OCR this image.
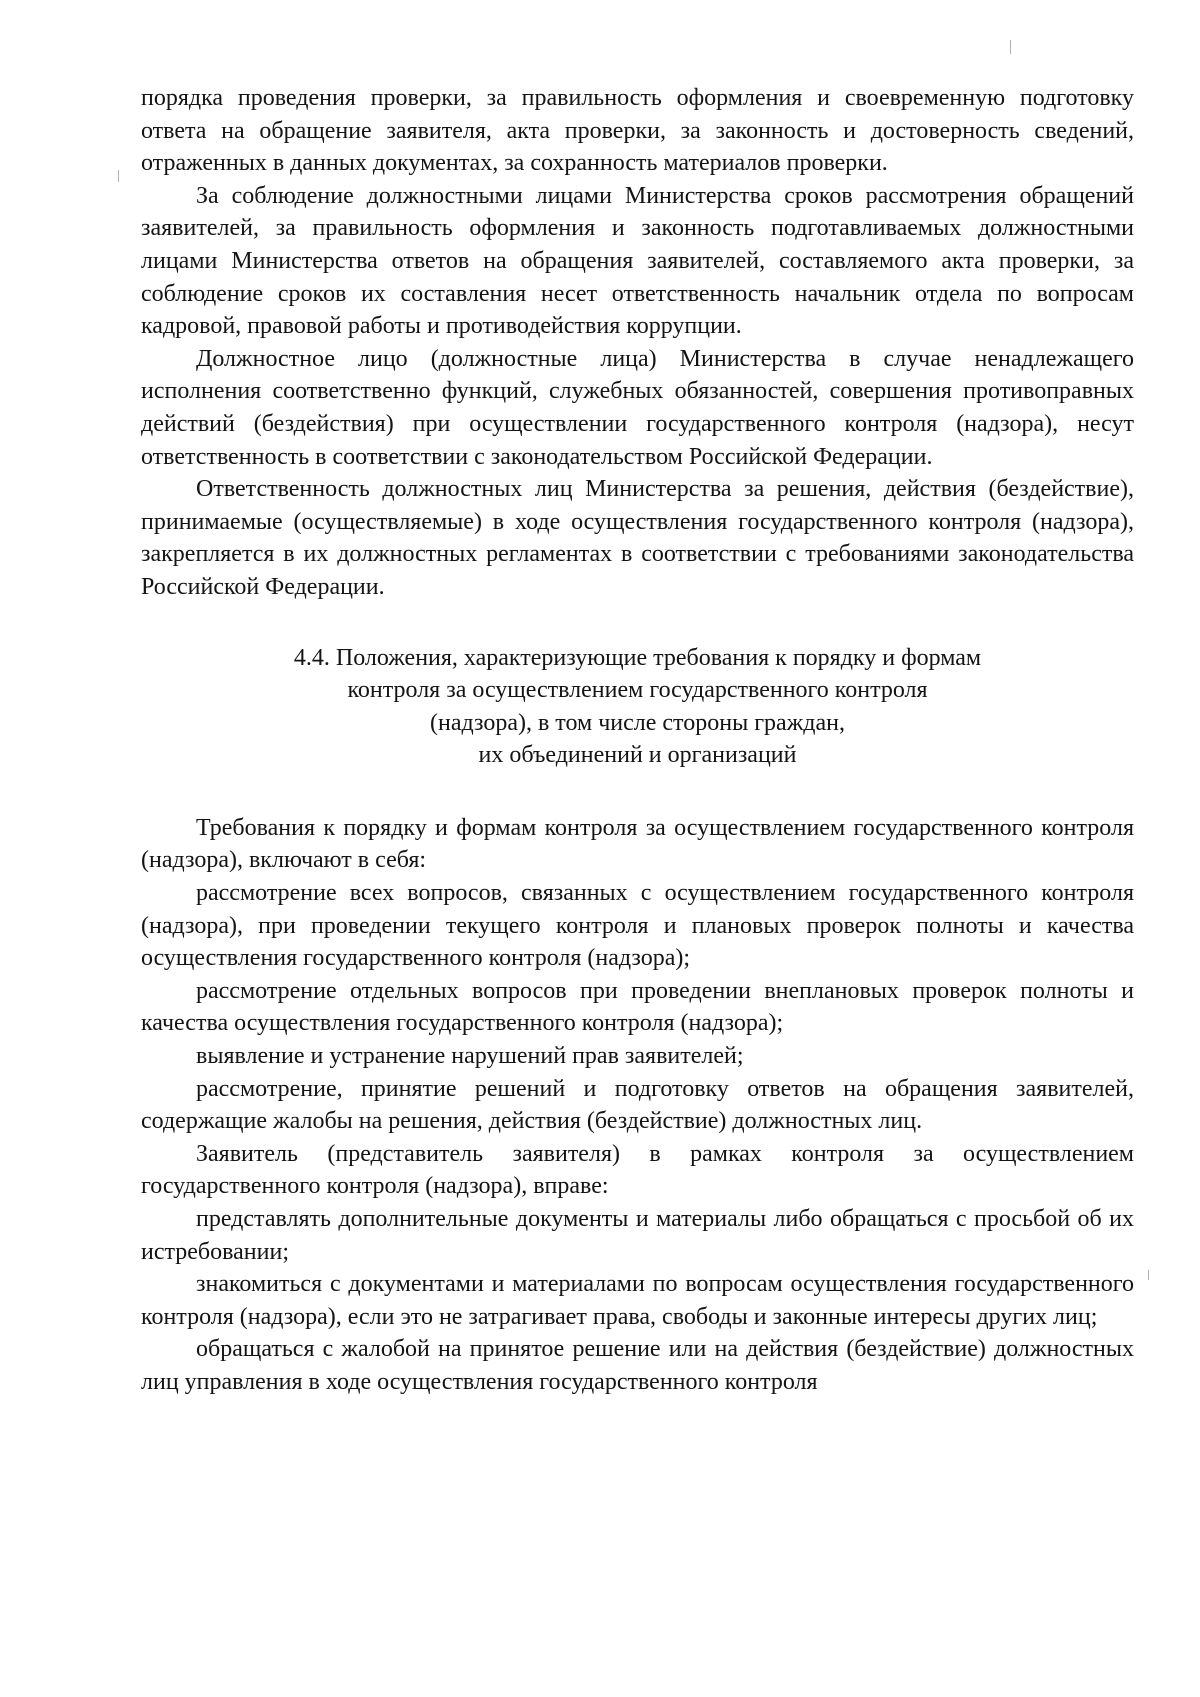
порядка проведения проверки, за правильность оформления и своевременную подготовку ответа на обращение заявителя, акта проверки, за законность и достоверность сведений, отраженных в данных документах, за сохранность материалов проверки.

За соблюдение должностными лицами Министерства сроков рассмотрения обращений заявителей, за правильность оформления и законность подготавливаемых должностными лицами Министерства ответов на обращения заявителей, составляемого акта проверки, за соблюдение сроков их составления несет ответственность начальник отдела по вопросам кадровой, правовой работы и противодействия коррупции.

Должностное лицо (должностные лица) Министерства в случае ненадлежащего исполнения соответственно функций, служебных обязанностей, совершения противоправных действий (бездействия) при осуществлении государственного контроля (надзора), несут ответственность в соответствии с законодательством Российской Федерации.

Ответственность должностных лиц Министерства за решения, действия (бездействие), принимаемые (осуществляемые) в ходе осуществления государственного контроля (надзора), закрепляется в их должностных регламентах в соответствии с требованиями законодательства Российской Федерации.

4.4. Положения, характеризующие требования к порядку и формам
контроля за осуществлением государственного контроля
(надзора), в том числе стороны граждан,
их объединений и организаций

Требования к порядку и формам контроля за осуществлением государственного контроля (надзора), включают в себя:

рассмотрение всех вопросов, связанных с осуществлением государственного контроля (надзора), при проведении текущего контроля и плановых проверок полноты и качества осуществления государственного контроля (надзора);

рассмотрение отдельных вопросов при проведении внеплановых проверок полноты и качества осуществления государственного контроля (надзора);

выявление и устранение нарушений прав заявителей;

рассмотрение, принятие решений и подготовку ответов на обращения заявителей, содержащие жалобы на решения, действия (бездействие) должностных лиц.

Заявитель (представитель заявителя) в рамках контроля за осуществлением государственного контроля (надзора), вправе:

представлять дополнительные документы и материалы либо обращаться с просьбой об их истребовании;

знакомиться с документами и материалами по вопросам осуществления государственного контроля (надзора), если это не затрагивает права, свободы и законные интересы других лиц;

обращаться с жалобой на принятое решение или на действия (бездействие) должностных лиц управления в ходе осуществления государственного контроля
